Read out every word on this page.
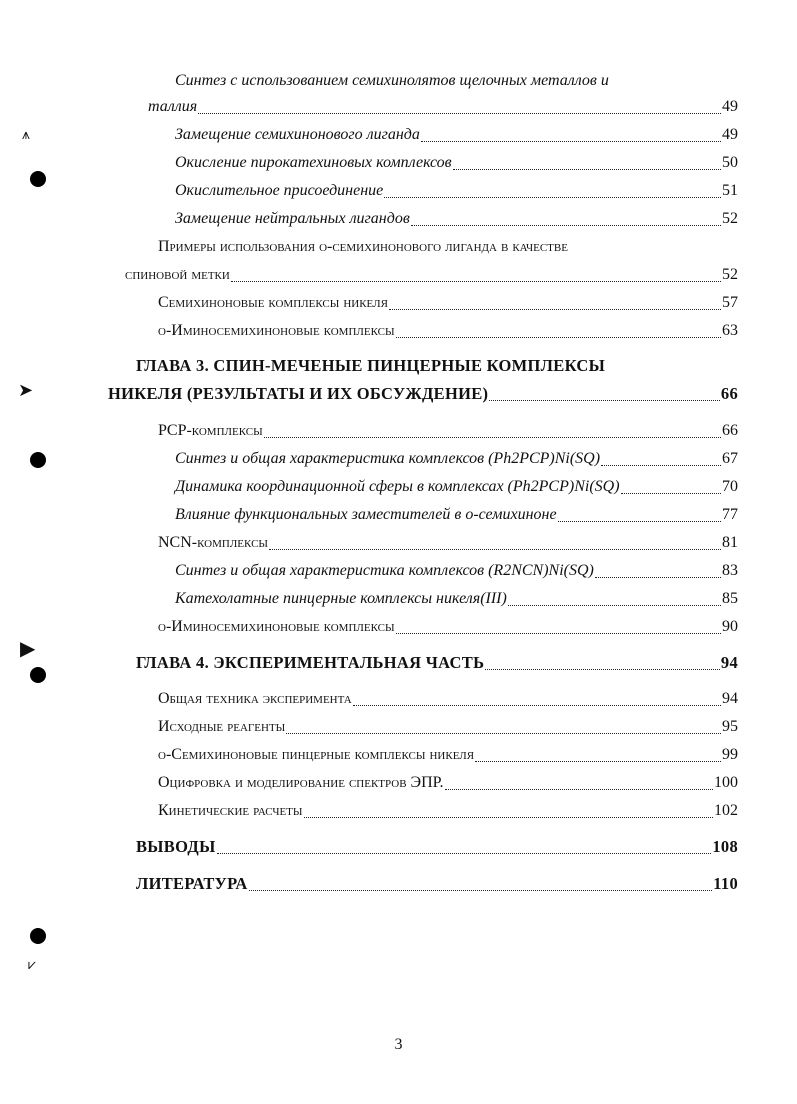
⩚
➤
▶
⩗
Синтез с использованием семихинолятов щелочных металлов и
таллия	49
Замещение семихинонового лиганда	49
Окисление пирокатехиновых комплексов	50
Окислительное присоединение	51
Замещение нейтральных лигандов	52
Примеры использования o-семихинонового лиганда в качестве
спиновой метки	52
Семихиноновые комплексы никеля	57
o-Иминосемихиноновые комплексы	63
ГЛАВА 3. СПИН-МЕЧЕНЫЕ ПИНЦЕРНЫЕ КОМПЛЕКСЫ
НИКЕЛЯ (РЕЗУЛЬТАТЫ И ИХ ОБСУЖДЕНИЕ)	66
PCP-комплексы	66
Синтез и общая характеристика комплексов (Ph2PCP)Ni(SQ)	67
Динамика координационной сферы в комплексах (Ph2PCP)Ni(SQ)	70
Влияние функциональных заместителей в o-семихиноне	77
NCN-комплексы	81
Синтез и общая характеристика комплексов (R2NCN)Ni(SQ)	83
Катехолатные пинцерные комплексы никеля(III)	85
o-Иминосемихиноновые комплексы	90
ГЛАВА 4. ЭКСПЕРИМЕНТАЛЬНАЯ ЧАСТЬ	94
Общая техника эксперимента	94
Исходные реагенты	95
o-Семихиноновые пинцерные комплексы никеля	99
Оцифровка и моделирование спектров ЭПР.	100
Кинетические расчеты	102
ВЫВОДЫ	108
ЛИТЕРАТУРА	110
3
